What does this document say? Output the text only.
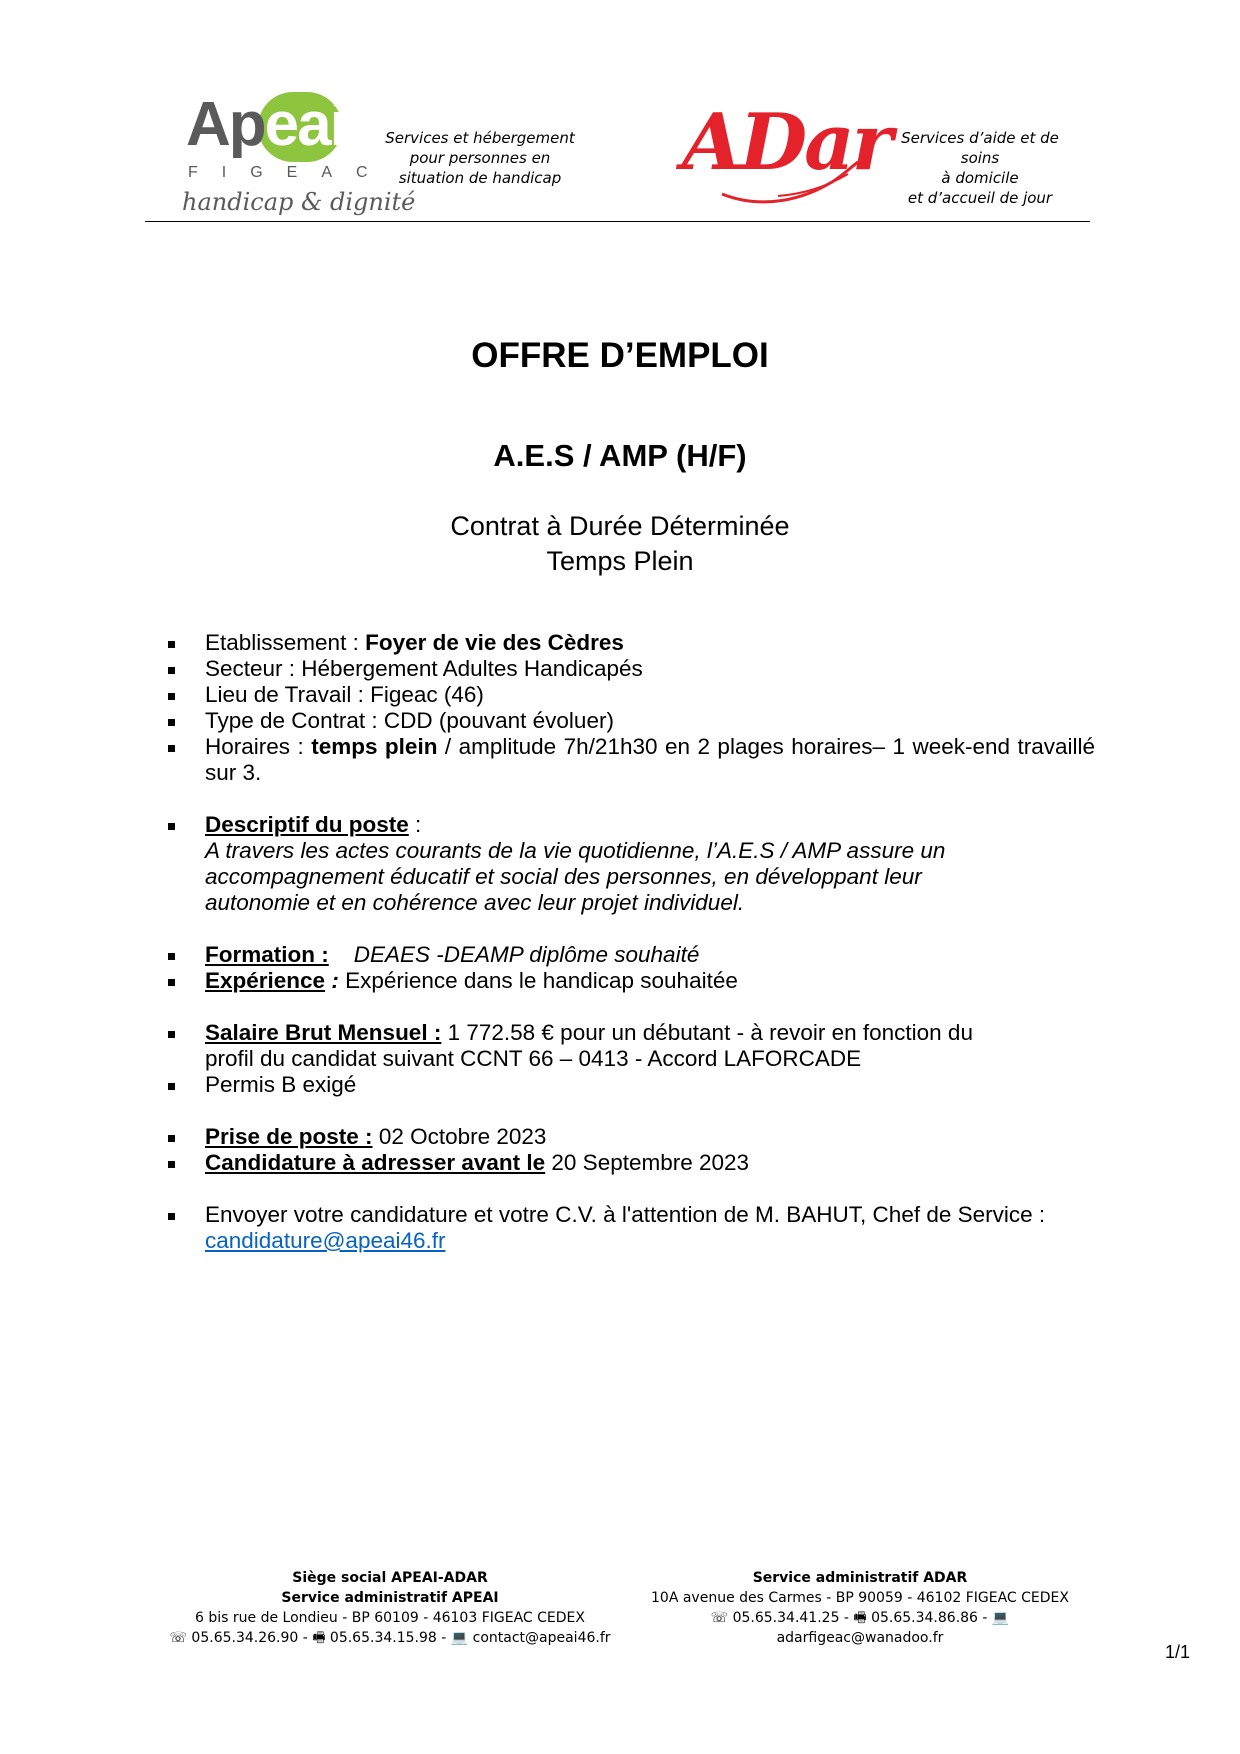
Apeai
FIGEAC
handicap & dignité
Services et hébergement
pour personnes en
situation de handicap ADar Services d’aide et de soins
à domicile
et d’accueil de jour
OFFRE D’EMPLOI
A.E.S / AMP (H/F)
Contrat à Durée Déterminée
Temps Plein
Etablissement : Foyer de vie des Cèdres
Secteur : Hébergement Adultes Handicapés
Lieu de Travail : Figeac (46)
Type de Contrat : CDD (pouvant évoluer)
Horaires : temps plein / amplitude 7h/21h30 en 2 plages horaires– 1 week-end travaillé sur 3.
Descriptif du poste :
A travers les actes courants de la vie quotidienne, l’A.E.S / AMP assure un accompagnement éducatif et social des personnes, en développant leur autonomie et en cohérence avec leur projet individuel.
Formation : DEAES -DEAMP diplôme souhaité
Expérience : Expérience dans le handicap souhaitée
Salaire Brut Mensuel : 1 772.58 € pour un débutant - à revoir en fonction du profil du candidat suivant CCNT 66 – 0413 - Accord LAFORCADE
Permis B exigé
Prise de poste : 02 Octobre 2023
Candidature à adresser avant le 20 Septembre 2023
Envoyer votre candidature et votre C.V. à l'attention de M. BAHUT, Chef de Service :
candidature@apeai46.fr
Siège social APEAI-ADAR
Service administratif APEAI
6 bis rue de Londieu - BP 60109 - 46103 FIGEAC CEDEX
☏ 05.65.34.26.90 - 🖷 05.65.34.15.98 - 💻 contact@apeai46.fr
Service administratif ADAR
10A avenue des Carmes - BP 90059 - 46102 FIGEAC CEDEX
☏ 05.65.34.41.25 - 🖷 05.65.34.86.86 - 💻
adarfigeac@wanadoo.fr
1/1
